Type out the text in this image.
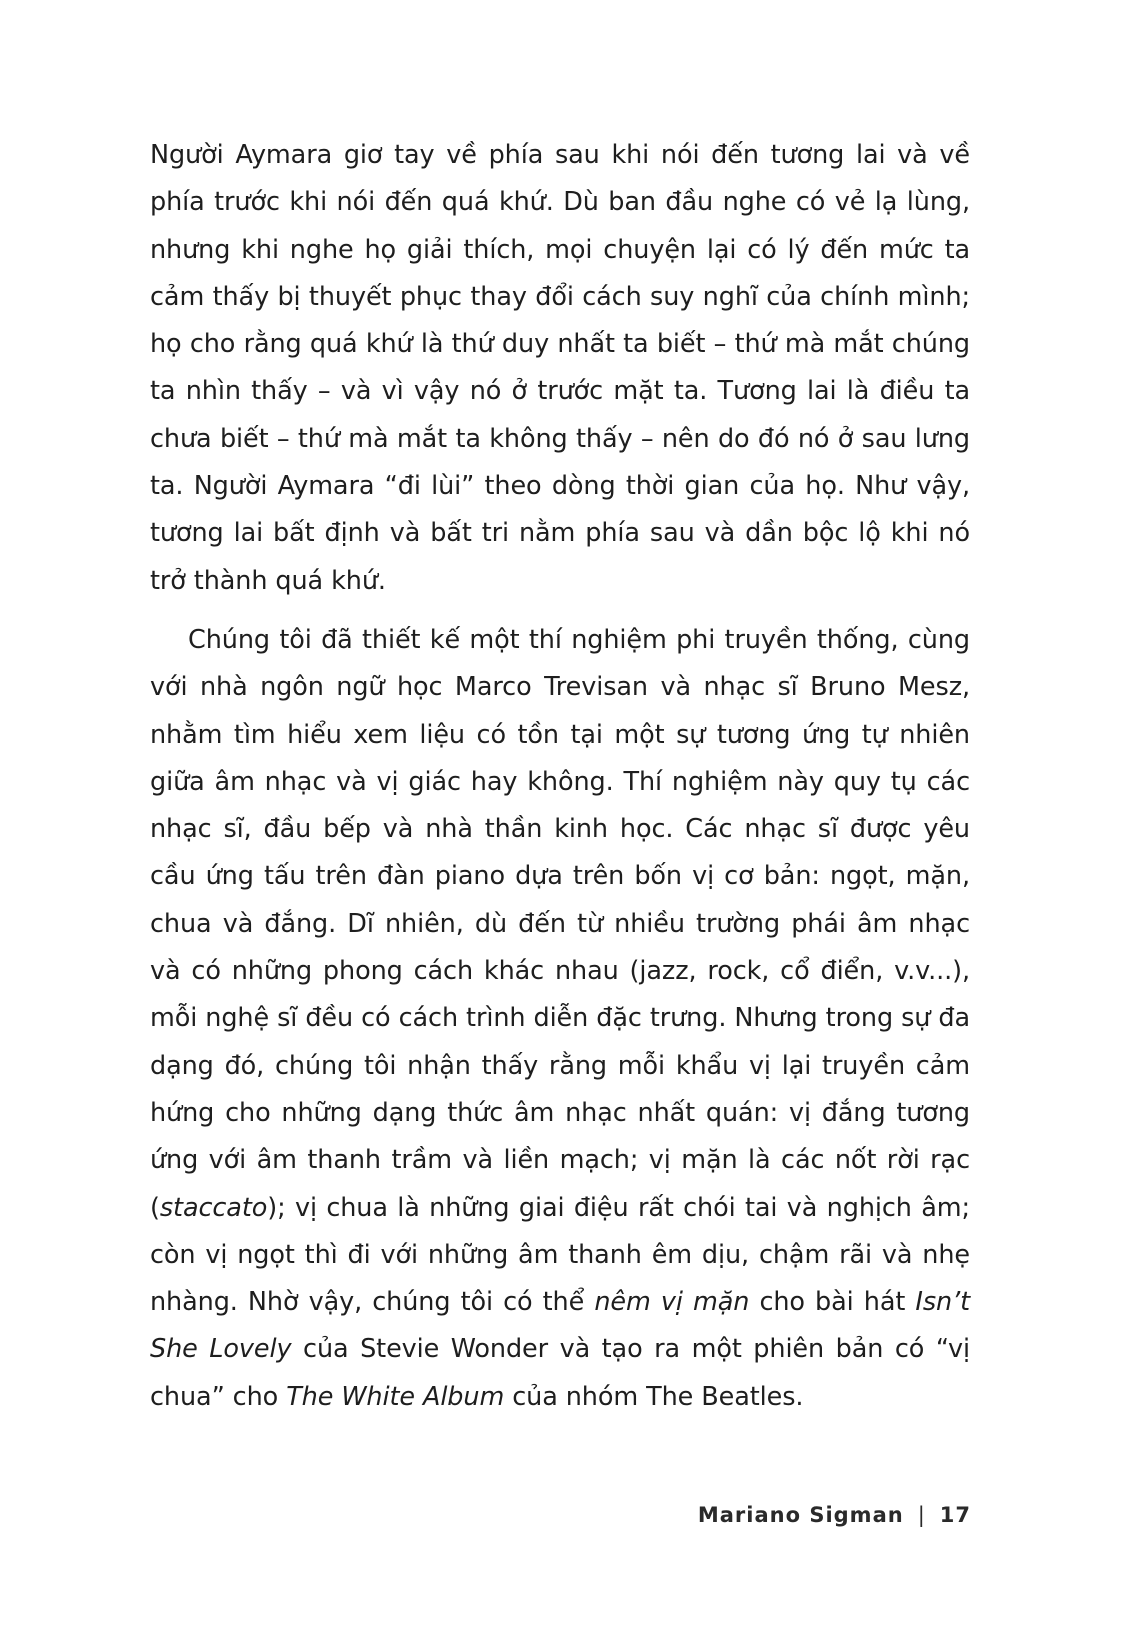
Người Aymara giơ tay về phía sau khi nói đến tương lai và về phía trước khi nói đến quá khứ. Dù ban đầu nghe có vẻ lạ lùng, nhưng khi nghe họ giải thích, mọi chuyện lại có lý đến mức ta cảm thấy bị thuyết phục thay đổi cách suy nghĩ của chính mình; họ cho rằng quá khứ là thứ duy nhất ta biết – thứ mà mắt chúng ta nhìn thấy – và vì vậy nó ở trước mặt ta. Tương lai là điều ta chưa biết – thứ mà mắt ta không thấy – nên do đó nó ở sau lưng ta. Người Aymara “đi lùi” theo dòng thời gian của họ. Như vậy, tương lai bất định và bất tri nằm phía sau và dần bộc lộ khi nó trở thành quá khứ.

Chúng tôi đã thiết kế một thí nghiệm phi truyền thống, cùng với nhà ngôn ngữ học Marco Trevisan và nhạc sĩ Bruno Mesz, nhằm tìm hiểu xem liệu có tồn tại một sự tương ứng tự nhiên giữa âm nhạc và vị giác hay không. Thí nghiệm này quy tụ các nhạc sĩ, đầu bếp và nhà thần kinh học. Các nhạc sĩ được yêu cầu ứng tấu trên đàn piano dựa trên bốn vị cơ bản: ngọt, mặn, chua và đắng. Dĩ nhiên, dù đến từ nhiều trường phái âm nhạc và có những phong cách khác nhau (jazz, rock, cổ điển, v.v...), mỗi nghệ sĩ đều có cách trình diễn đặc trưng. Nhưng trong sự đa dạng đó, chúng tôi nhận thấy rằng mỗi khẩu vị lại truyền cảm hứng cho những dạng thức âm nhạc nhất quán: vị đắng tương ứng với âm thanh trầm và liền mạch; vị mặn là các nốt rời rạc (staccato); vị chua là những giai điệu rất chói tai và nghịch âm; còn vị ngọt thì đi với những âm thanh êm dịu, chậm rãi và nhẹ nhàng. Nhờ vậy, chúng tôi có thể nêm vị mặn cho bài hát Isn’t She Lovely của Stevie Wonder và tạo ra một phiên bản có “vị chua” cho The White Album của nhóm The Beatles.

Mariano Sigman | 17
